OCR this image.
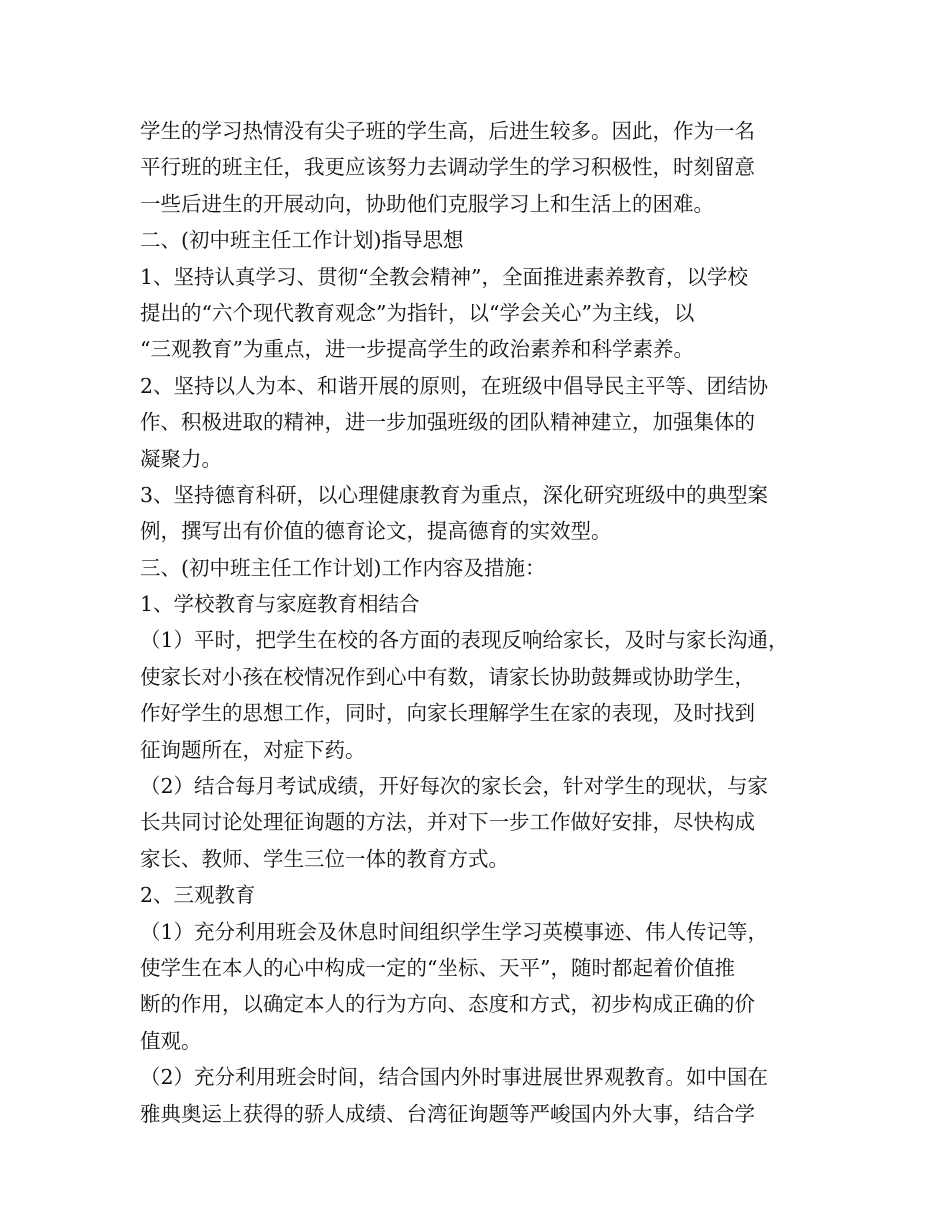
学生的学习热情没有尖子班的学生高，后进生较多。因此，作为一名
平行班的班主任，我更应该努力去调动学生的学习积极性，时刻留意
一些后进生的开展动向，协助他们克服学习上和生活上的困难。
二、(初中班主任工作计划)指导思想
1、坚持认真学习、贯彻“全教会精神”，全面推进素养教育，以学校
提出的“六个现代教育观念”为指针，以“学会关心”为主线，以
“三观教育”为重点，进一步提高学生的政治素养和科学素养。
2、坚持以人为本、和谐开展的原则，在班级中倡导民主平等、团结协
作、积极进取的精神，进一步加强班级的团队精神建立，加强集体的
凝聚力。
3、坚持德育科研，以心理健康教育为重点，深化研究班级中的典型案
例，撰写出有价值的德育论文，提高德育的实效型。
三、(初中班主任工作计划)工作内容及措施：
1、学校教育与家庭教育相结合
（1）平时，把学生在校的各方面的表现反响给家长，及时与家长沟通，
使家长对小孩在校情况作到心中有数，请家长协助鼓舞或协助学生，
作好学生的思想工作，同时，向家长理解学生在家的表现，及时找到
征询题所在，对症下药。
（2）结合每月考试成绩，开好每次的家长会，针对学生的现状，与家
长共同讨论处理征询题的方法，并对下一步工作做好安排，尽快构成
家长、教师、学生三位一体的教育方式。
2、三观教育
（1）充分利用班会及休息时间组织学生学习英模事迹、伟人传记等，
使学生在本人的心中构成一定的“坐标、天平”，随时都起着价值推
断的作用，以确定本人的行为方向、态度和方式，初步构成正确的价
值观。
（2）充分利用班会时间，结合国内外时事进展世界观教育。如中国在
雅典奥运上获得的骄人成绩、台湾征询题等严峻国内外大事，结合学
